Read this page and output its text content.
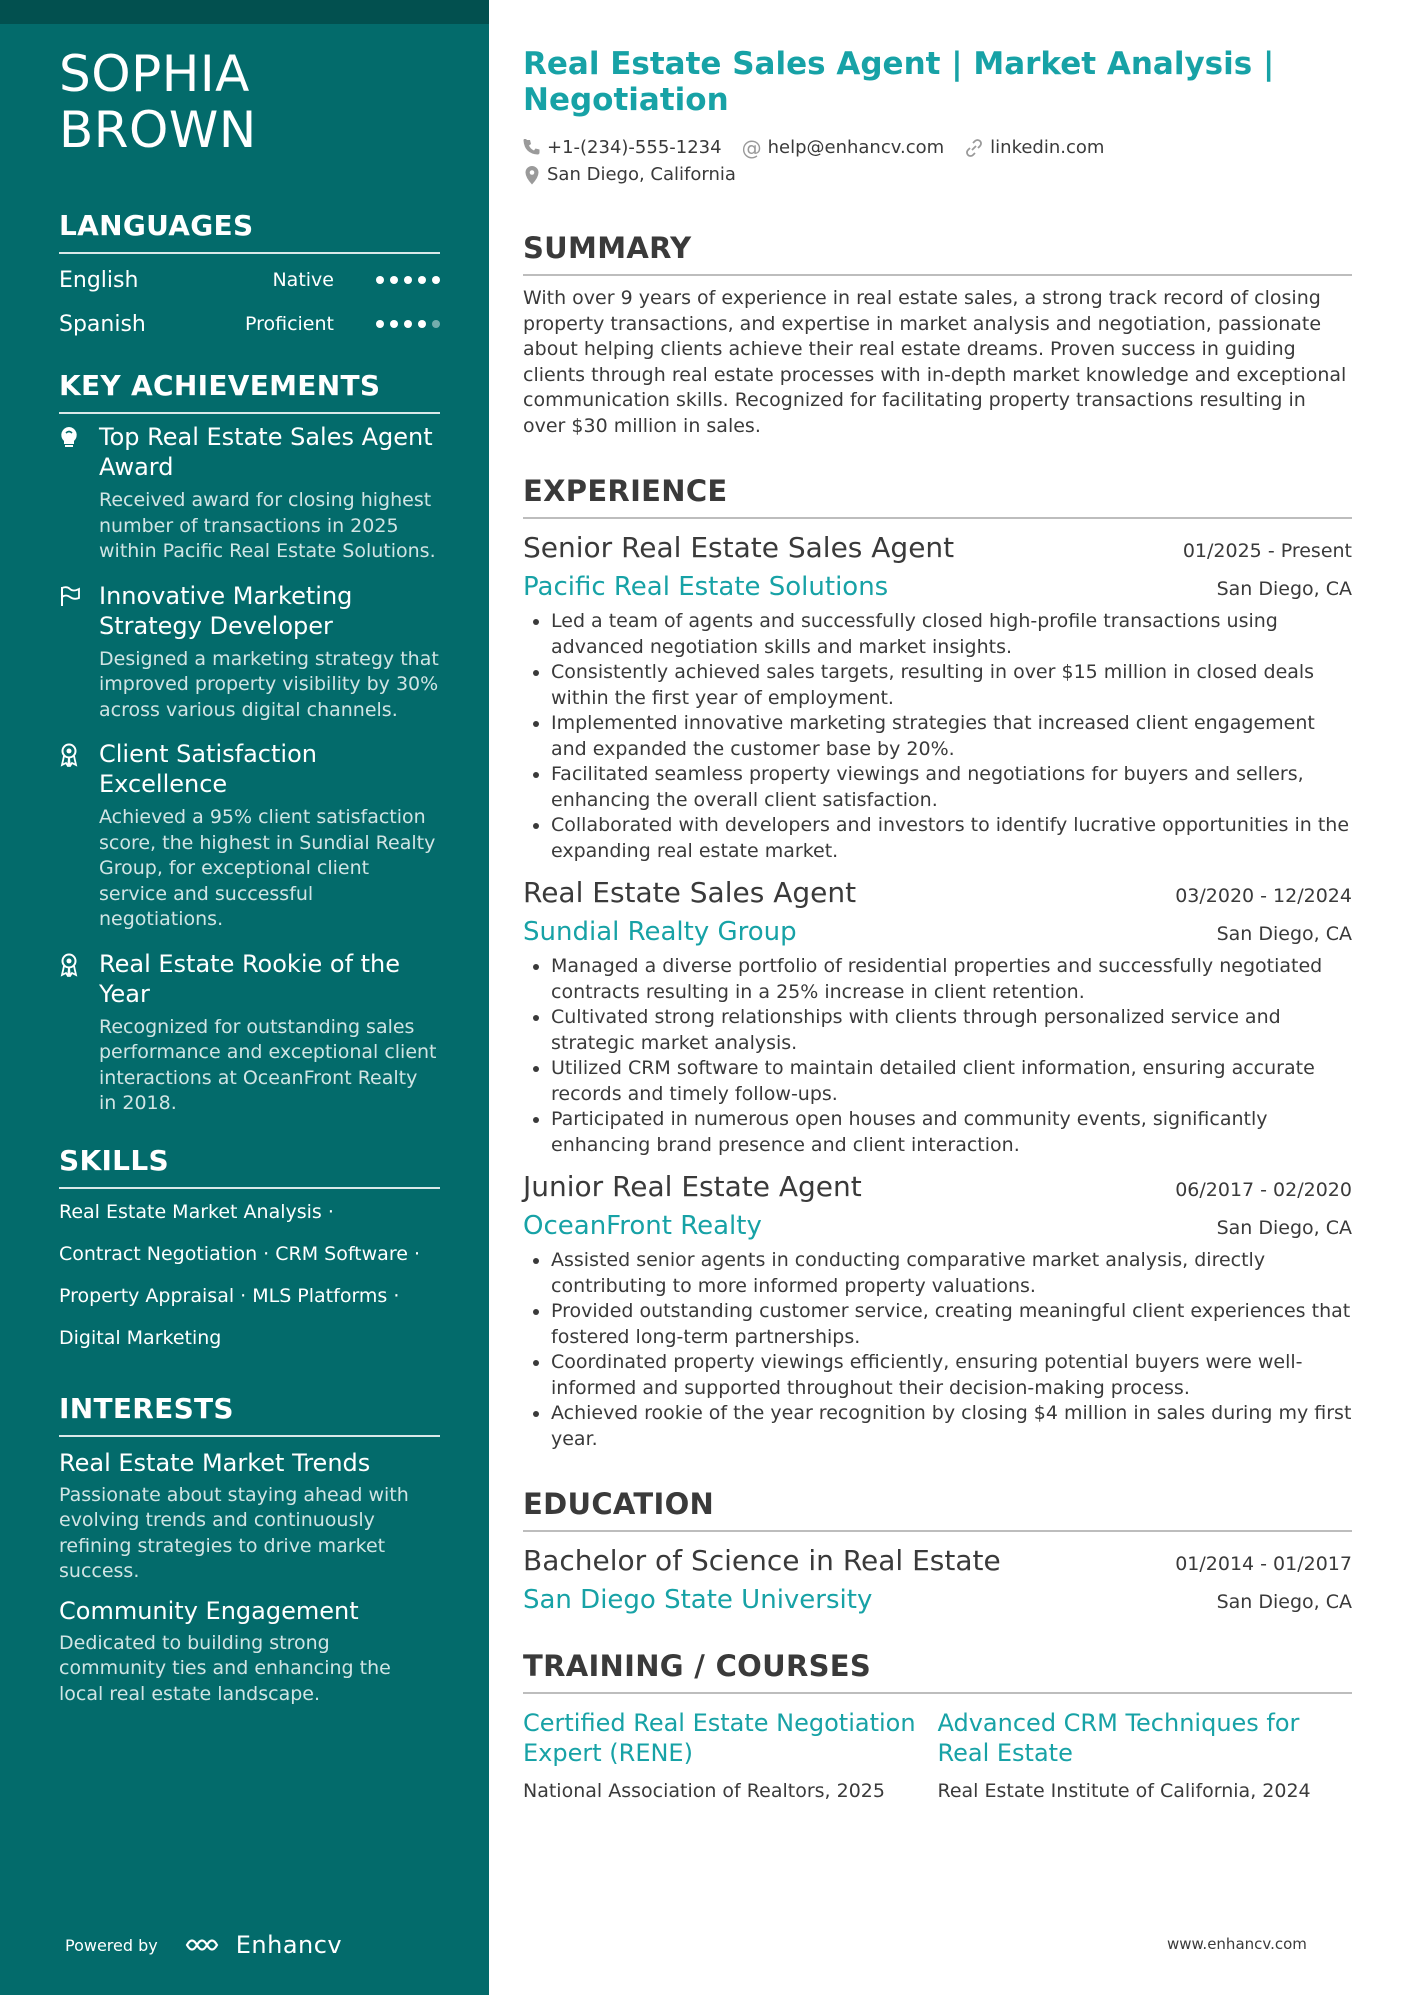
SOPHIA
BROWN
LANGUAGES
English	Native
Spanish	Proficient
KEY ACHIEVEMENTS
Top Real Estate Sales Agent Award
Received award for closing highest number of transactions in 2025 within Pacific Real Estate Solutions.
Innovative Marketing Strategy Developer
Designed a marketing strategy that improved property visibility by 30% across various digital channels.
Client Satisfaction Excellence
Achieved a 95% client satisfaction score, the highest in Sundial Realty Group, for exceptional client service and successful negotiations.
Real Estate Rookie of the Year
Recognized for outstanding sales performance and exceptional client interactions at OceanFront Realty in 2018.
SKILLS
Real Estate Market Analysis ·
Contract Negotiation · CRM Software ·
Property Appraisal · MLS Platforms ·
Digital Marketing
INTERESTS
Real Estate Market Trends
Passionate about staying ahead with evolving trends and continuously refining strategies to drive market success.
Community Engagement
Dedicated to building strong community ties and enhancing the local real estate landscape.
Powered by	Enhancv
Real Estate Sales Agent | Market Analysis | Negotiation
+1-(234)-555-1234 @ help@enhancv.com	linkedin.com
San Diego, California
SUMMARY
With over 9 years of experience in real estate sales, a strong track record of closing property transactions, and expertise in market analysis and negotiation, passionate about helping clients achieve their real estate dreams. Proven success in guiding clients through real estate processes with in-depth market knowledge and exceptional communication skills. Recognized for facilitating property transactions resulting in over $30 million in sales.
EXPERIENCE
Senior Real Estate Sales Agent	01/2025 - Present
Pacific Real Estate Solutions	San Diego, CA
• Led a team of agents and successfully closed high-profile transactions using advanced negotiation skills and market insights.
• Consistently achieved sales targets, resulting in over $15 million in closed deals within the first year of employment.
• Implemented innovative marketing strategies that increased client engagement and expanded the customer base by 20%.
• Facilitated seamless property viewings and negotiations for buyers and sellers, enhancing the overall client satisfaction.
• Collaborated with developers and investors to identify lucrative opportunities in the expanding real estate market.
Real Estate Sales Agent	03/2020 - 12/2024
Sundial Realty Group	San Diego, CA
• Managed a diverse portfolio of residential properties and successfully negotiated contracts resulting in a 25% increase in client retention.
• Cultivated strong relationships with clients through personalized service and strategic market analysis.
• Utilized CRM software to maintain detailed client information, ensuring accurate records and timely follow-ups.
• Participated in numerous open houses and community events, significantly enhancing brand presence and client interaction.
Junior Real Estate Agent	06/2017 - 02/2020
OceanFront Realty	San Diego, CA
• Assisted senior agents in conducting comparative market analysis, directly contributing to more informed property valuations.
• Provided outstanding customer service, creating meaningful client experiences that fostered long-term partnerships.
• Coordinated property viewings efficiently, ensuring potential buyers were well-informed and supported throughout their decision-making process.
• Achieved rookie of the year recognition by closing $4 million in sales during my first year.
EDUCATION
Bachelor of Science in Real Estate	01/2014 - 01/2017
San Diego State University	San Diego, CA
TRAINING / COURSES
Certified Real Estate Negotiation Expert (RENE)
National Association of Realtors, 2025
Advanced CRM Techniques for Real Estate
Real Estate Institute of California, 2024
www.enhancv.com
